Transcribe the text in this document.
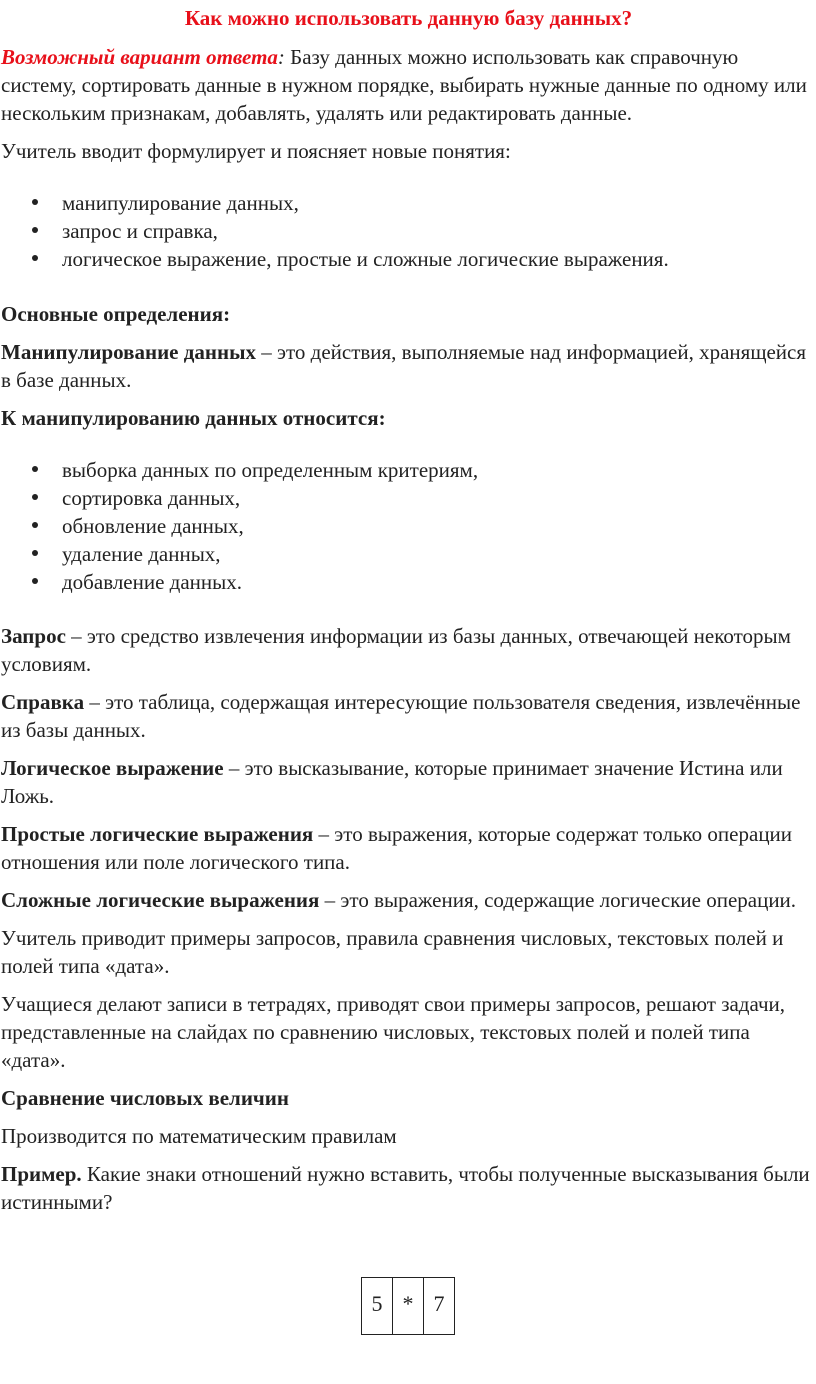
Как можно использовать данную базу данных?

Возможный вариант ответа: Базу данных можно использовать как справочную систему, сортировать данные в нужном порядке, выбирать нужные данные по одному или нескольким признакам, добавлять, удалять или редактировать данные.

Учитель вводит формулирует и поясняет новые понятия:

манипулирование данных,
запрос и справка,
логическое выражение, простые и сложные логические выражения.

Основные определения:

Манипулирование данных – это действия, выполняемые над информацией, хранящейся в базе данных.

К манипулированию данных относится:

выборка данных по определенным критериям,
сортировка данных,
обновление данных,
удаление данных,
добавление данных.

Запрос – это средство извлечения информации из базы данных, отвечающей некоторым условиям.

Справка – это таблица, содержащая интересующие пользователя сведения, извлечённые из базы данных.

Логическое выражение – это высказывание, которые принимает значение Истина или Ложь.

Простые логические выражения – это выражения, которые содержат только операции отношения или поле логического типа.

Сложные логические выражения – это выражения, содержащие логические операции.

Учитель приводит примеры запросов, правила сравнения числовых, текстовых полей и полей типа «дата».

Учащиеся делают записи в тетрадях, приводят свои примеры запросов, решают задачи, представленные на слайдах по сравнению числовых, текстовых полей и полей типа «дата».

Сравнение числовых величин

Производится по математическим правилам

Пример. Какие знаки отношений нужно вставить, чтобы полученные высказывания были истинными?

5 * 7
